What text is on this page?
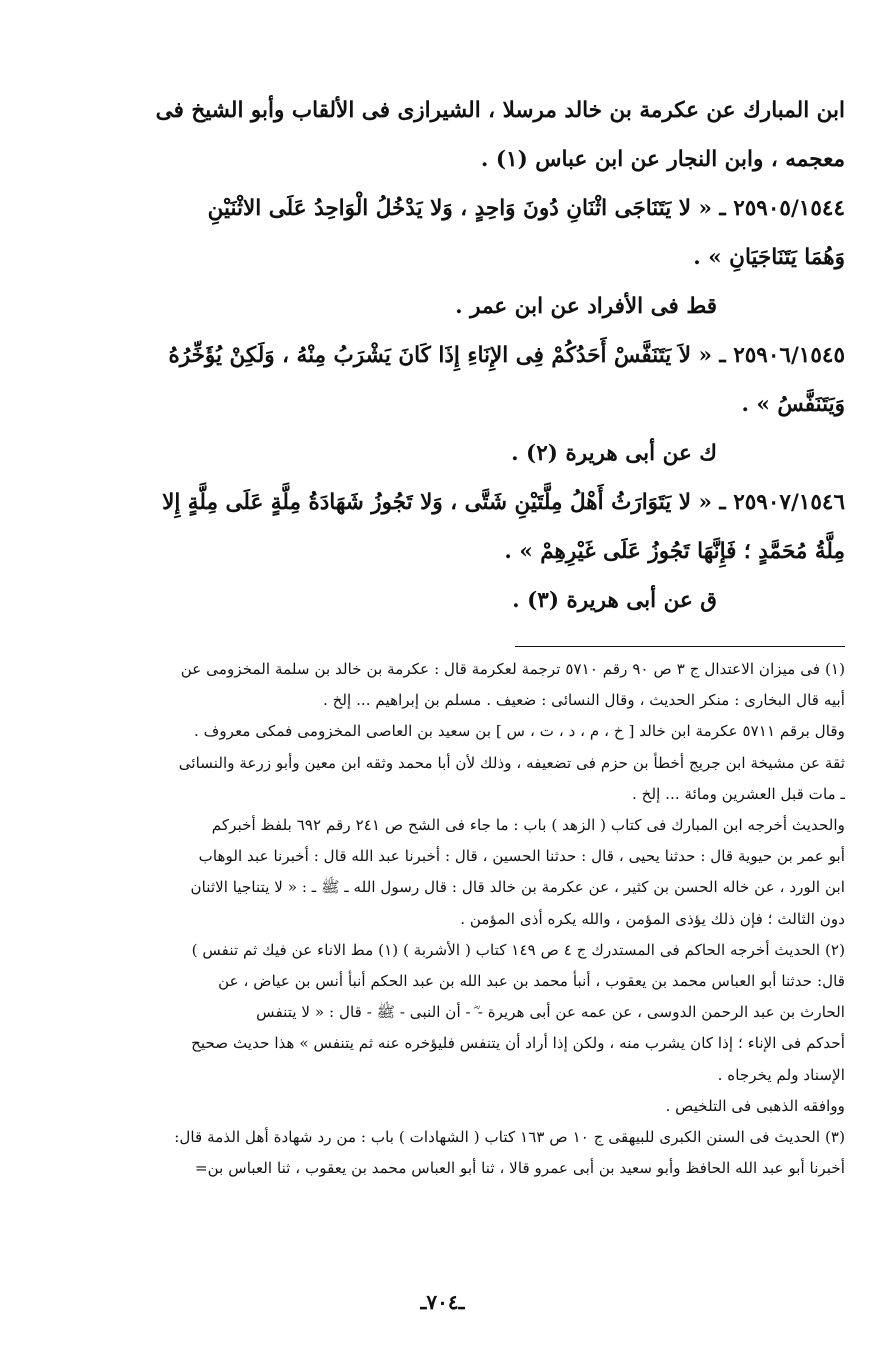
ابن المبارك عن عكرمة بن خالد مرسلا ، الشيرازى فى الألقاب وأبو الشيخ فى
معجمه ، وابن النجار عن ابن عباس (١) .
٢٥٩٠٥/١٥٤٤ ـ « لا يَتَنَاجَى اثْنَانِ دُونَ وَاحِدٍ ، وَلا يَدْخُلُ الْوَاحِدُ عَلَى الاثْنَيْنِ
وَهُمَا يَتَنَاجَيَانِ » .
قط فى الأفراد عن ابن عمر .
٢٥٩٠٦/١٥٤٥ ـ « لاَ يَتَنَفَّسْ أَحَدُكُمْ فِى الإِنَاءِ إِذَا كَانَ يَشْرَبُ مِنْهُ ، وَلَكِنْ يُؤَخِّرُهُ
وَيَتَنَفَّسُ » .
ك عن أبى هريرة (٢) .
٢٥٩٠٧/١٥٤٦ ـ « لا يَتَوَارَثُ أَهْلُ مِلَّتَيْنِ شَتَّى ، وَلا تَجُوزُ شَهَادَةُ مِلَّةٍ عَلَى مِلَّةٍ إِلا
مِلَّةُ مُحَمَّدٍ ؛ فَإِنَّهَا تَجُوزُ عَلَى غَيْرِهِمْ » .
ق عن أبى هريرة (٣) .
(١) فى ميزان الاعتدال ج ٣ ص ٩٠ رقم ٥٧١٠ ترجمة لعكرمة قال : عكرمة بن خالد بن سلمة المخزومى عن
أبيه قال البخارى : منكر الحديث ، وقال النسائى : ضعيف . مسلم بن إبراهيم ... إلخ .
وقال برقم ٥٧١١ عكرمة ابن خالد [ خ ، م ، د ، ت ، س ] بن سعيد بن العاصى المخزومى فمكى معروف .
ثقة عن مشيخة ابن جريج أخطأ بن حزم فى تضعيفه ، وذلك لأن أبا محمد وثقه ابن معين وأبو زرعة والنسائى
ـ مات قبل العشرين ومائة ... إلخ .
والحديث أخرجه ابن المبارك فى كتاب ( الزهد ) باب : ما جاء فى الشح ص ٢٤١ رقم ٦٩٢ بلفظ أخبركم
أبو عمر بن حيوية قال : حدثنا يحيى ، قال : حدثنا الحسين ، قال : أخبرنا عبد الله قال : أخبرنا عبد الوهاب
ابن الورد ، عن خاله الحسن بن كثير ، عن عكرمة بن خالد قال : قال رسول الله ـ ﷺ ـ : « لا يتناجيا الاثنان
دون الثالث ؛ فإن ذلك يؤذى المؤمن ، والله يكره أذى المؤمن .
(٢) الحديث أخرجه الحاكم فى المستدرك ج ٤ ص ١٤٩ كتاب ( الأشربة ) (١) مط الاناء عن فيك ثم تنفس )
قال: حدثنا أبو العباس محمد بن يعقوب ، أنبأ محمد بن عبد الله بن عبد الحكم أنبأ أنس بن عياض ، عن
الحارث بن عبد الرحمن الدوسى ، عن عمه عن أبى هريرة - ؓ - أن النبى - ﷺ - قال : « لا يتنفس
أحدكم فى الإناء ؛ إذا كان يشرب منه ، ولكن إذا أراد أن يتنفس فليؤخره عنه ثم يتنفس » هذا حديث صحيح
الإسناد ولم يخرجاه .
ووافقه الذهبى فى التلخيص .
(٣) الحديث فى السنن الكبرى للبيهقى ج ١٠ ص ١٦٣ كتاب ( الشهادات ) باب : من رد شهادة أهل الذمة قال:
أخبرنا أبو عبد الله الحافظ وأبو سعيد بن أبى عمرو قالا ، ثنا أبو العباس محمد بن يعقوب ، ثنا العباس بن=
ـ٧٠٤ـ
